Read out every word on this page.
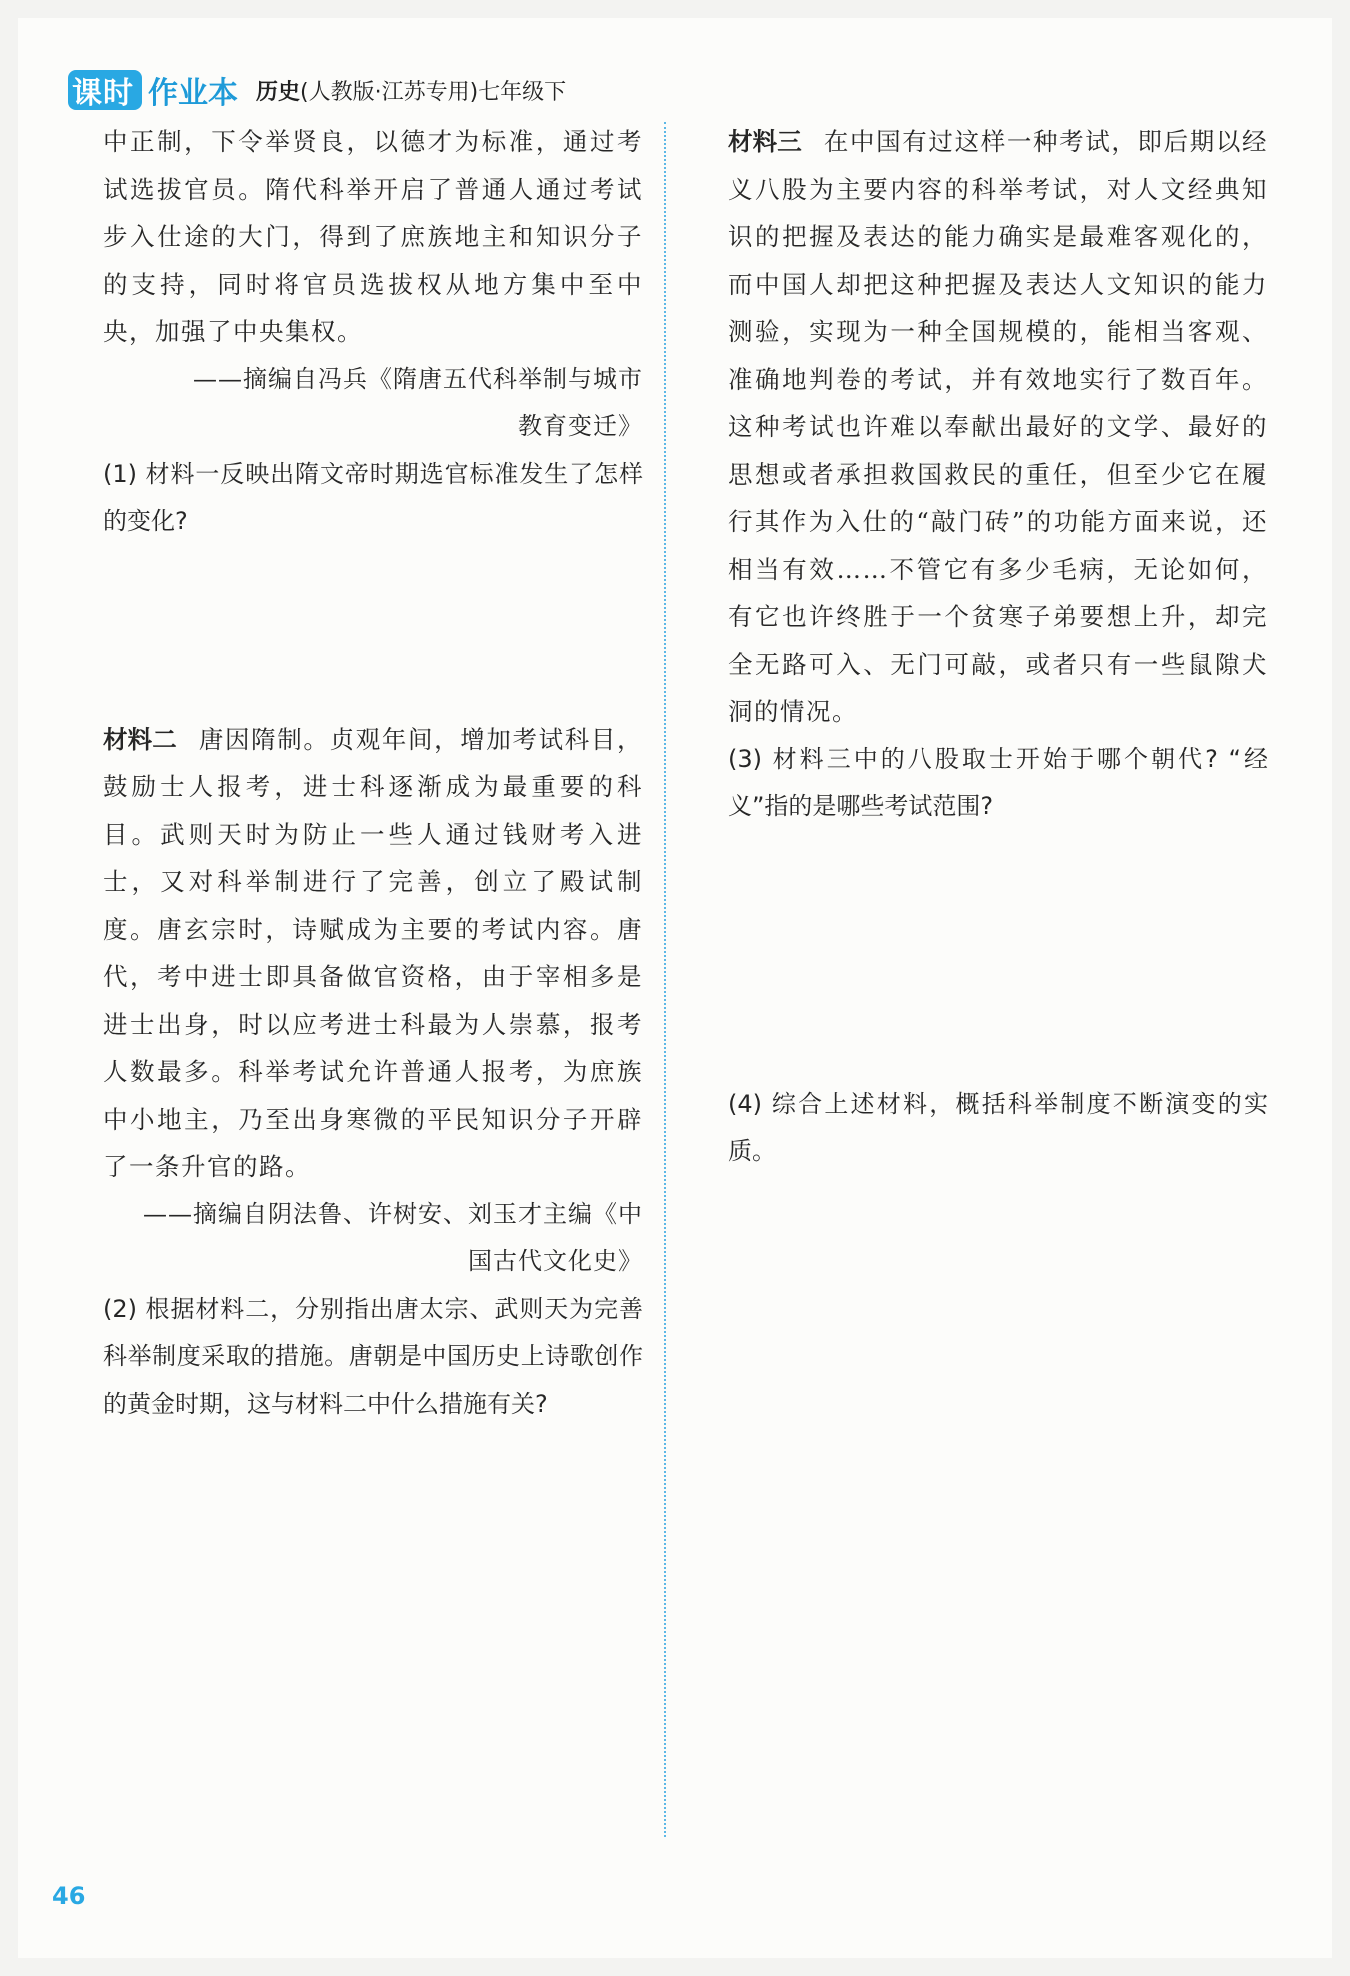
课时 作业本 历史 (人教版·江苏专用)七年级下

中正制，下令举贤良，以德才为标准，通过考试选拔官员。隋代科举开启了普通人通过考试步入仕途的大门，得到了庶族地主和知识分子的支持，同时将官员选拔权从地方集中至中央，加强了中央集权。

——摘编自冯兵《隋唐五代科举制与城市

教育变迁》

(1) 材料一反映出隋文帝时期选官标准发生了怎样的变化?

材料二 唐因隋制。贞观年间，增加考试科目，鼓励士人报考，进士科逐渐成为最重要的科目。武则天时为防止一些人通过钱财考入进士，又对科举制进行了完善，创立了殿试制度。唐玄宗时，诗赋成为主要的考试内容。唐代，考中进士即具备做官资格，由于宰相多是进士出身，时以应考进士科最为人崇慕，报考人数最多。科举考试允许普通人报考，为庶族中小地主，乃至出身寒微的平民知识分子开辟了一条升官的路。

——摘编自阴法鲁、许树安、刘玉才主编《中

国古代文化史》

(2) 根据材料二，分别指出唐太宗、武则天为完善科举制度采取的措施。唐朝是中国历史上诗歌创作的黄金时期，这与材料二中什么措施有关?

材料三 在中国有过这样一种考试，即后期以经义八股为主要内容的科举考试，对人文经典知识的把握及表达的能力确实是最难客观化的，而中国人却把这种把握及表达人文知识的能力测验，实现为一种全国规模的，能相当客观、准确地判卷的考试，并有效地实行了数百年。这种考试也许难以奉献出最好的文学、最好的思想或者承担救国救民的重任，但至少它在履行其作为入仕的“敲门砖”的功能方面来说，还相当有效……不管它有多少毛病，无论如何，有它也许终胜于一个贫寒子弟要想上升，却完全无路可入、无门可敲，或者只有一些鼠隙犬洞的情况。

(3) 材料三中的八股取士开始于哪个朝代? “经义”指的是哪些考试范围?

(4) 综合上述材料，概括科举制度不断演变的实质。

46
